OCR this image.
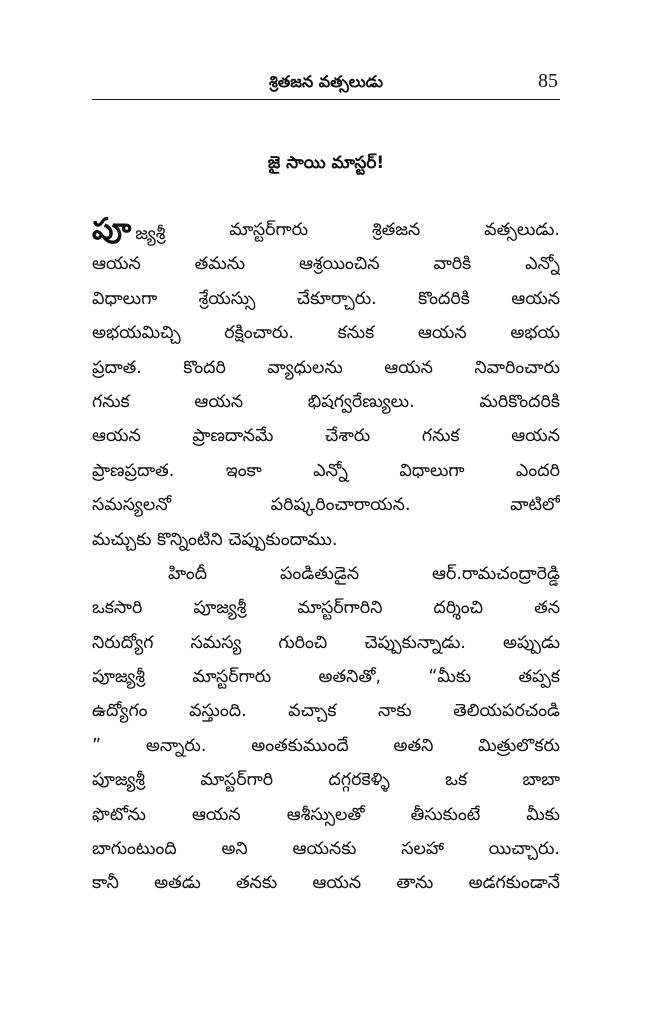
శ్రితజన వత్సలుడు	85
జై సాయి మాస్టర్!
పూజ్యశ్రీ	మాస్టర్‌గారు	శ్రితజన	వత్సలుడు.
ఆయన	తమను	ఆశ్రయించిన	వారికి	ఎన్నో
విధాలుగా శ్రేయస్సు చేకూర్చారు. కొందరికి ఆయన
అభయమిచ్చి రక్షించారు. కనుక ఆయన అభయ
ప్రదాత. కొందరి వ్యాధులను ఆయన నివారించారు
గనుక	ఆయన	భిషగ్వరేణ్యులు.	మరికొందరికి
ఆయన	ప్రాణదానమే	చేశారు	గనుక	ఆయన
ప్రాణప్రదాత.	ఇంకా	ఎన్నో	విధాలుగా	ఎందరి
సమస్యలనో	పరిష్కరించారాయన.	వాటిలో
మచ్చుకు కొన్నింటిని చెప్పుకుందాము.
హిందీ	పండితుడైన	ఆర్.రామచంద్రారెడ్డి
ఒకసారి	పూజ్యశ్రీ	మాస్టర్‌గారిని	దర్శించి	తన
నిరుద్యోగ సమస్య గురించి చెప్పుకున్నాడు. అప్పుడు
పూజ్యశ్రీ	మాస్టర్‌గారు	అతనితో,	“మీకు	తప్పక
ఉద్యోగం వస్తుంది. వచ్చాక నాకు తెలియపరచండి
”	అన్నారు.	అంతకుముందే	అతని	మిత్రులొకరు
పూజ్యశ్రీ	మాస్టర్‌గారి	దగ్గరకెళ్ళి	ఒక	బాబా
ఫొటోను	ఆయన	ఆశీస్సులతో	తీసుకుంటే	మీకు
బాగుంటుంది	అని	ఆయనకు	సలహా	యిచ్చారు.
కానీ అతడు తనకు ఆయన తాను అడగకుండానే
